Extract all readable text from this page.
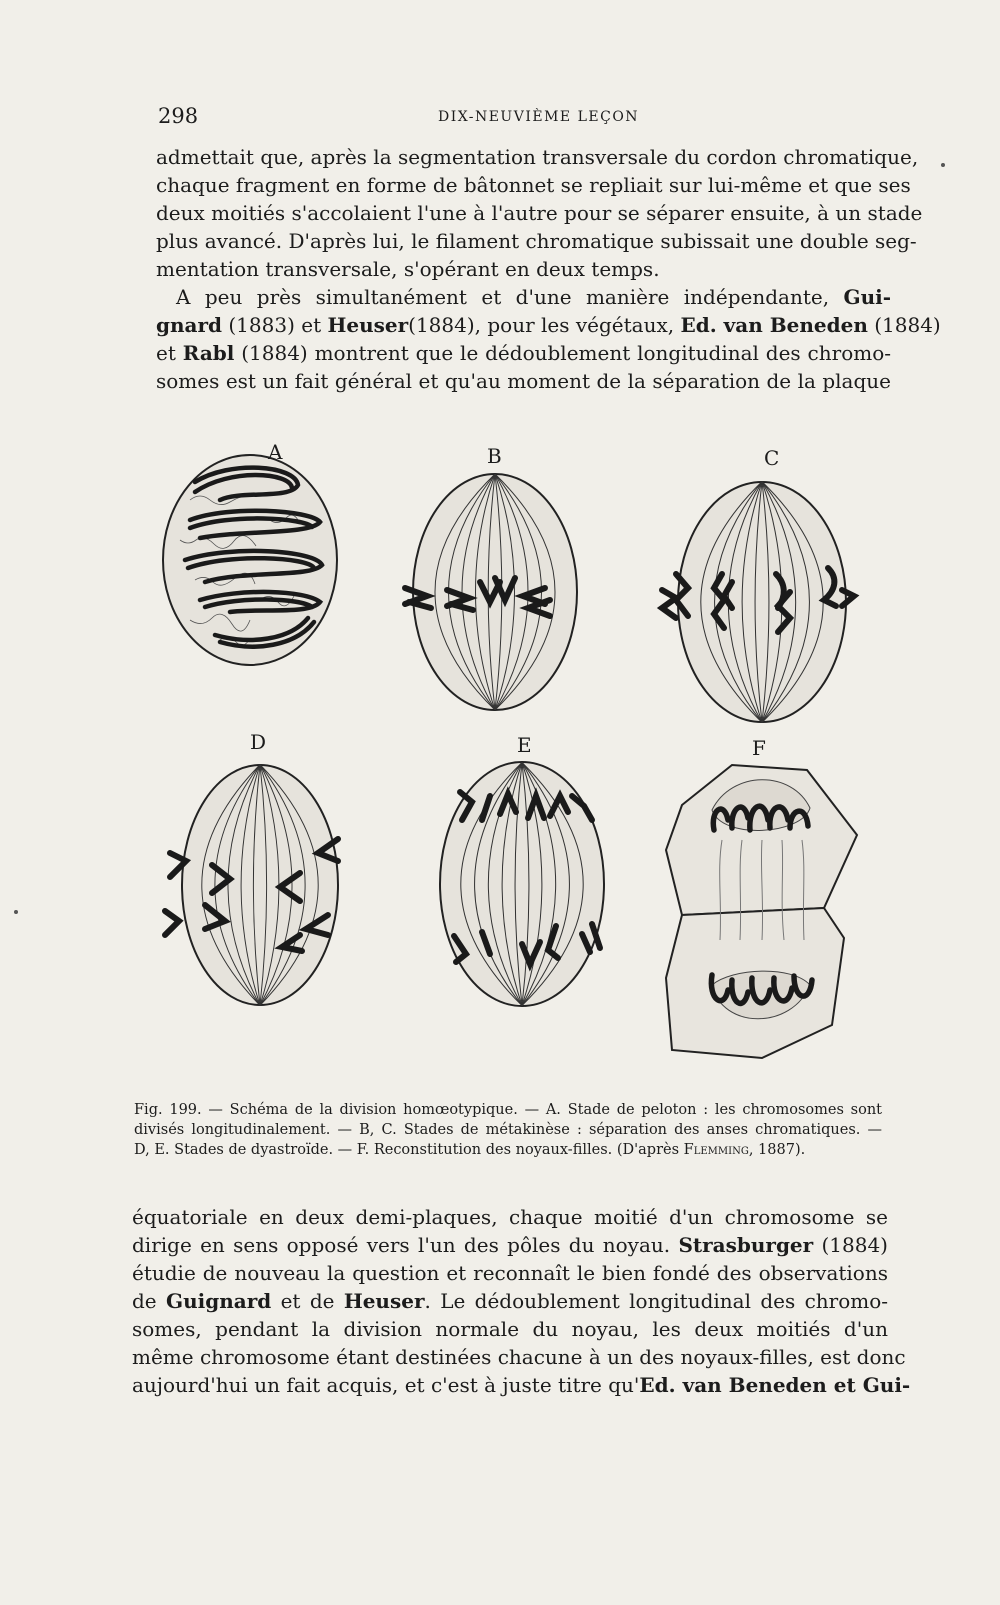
298	DIX-NEUVIÈME LEÇON

admettait que, après la segmentation transversale du cordon chromatique,

chaque fragment en forme de bâtonnet se repliait sur lui-même et que ses

deux moitiés s'accolaient l'une à l'autre pour se séparer ensuite, à un stade

plus avancé. D'après lui, le filament chromatique subissait une double seg-

mentation transversale, s'opérant en deux temps.

A peu près simultanément et d'une manière indépendante, Gui-

gnard (1883) et Heuser(1884), pour les végétaux, Ed. van Beneden (1884)

et Rabl (1884) montrent que le dédoublement longitudinal des chromo-

somes est un fait général et qu'au moment de la séparation de la plaque

A	B	C
D	E	F

Fig. 199. — Schéma de la division homœotypique. — A. Stade de peloton : les chromosomes sont

divisés longitudinalement. — B, C. Stades de métakinèse : séparation des anses chromatiques. —

D, E. Stades de dyastroïde. — F. Reconstitution des noyaux-filles. (D'après Flemming, 1887).

équatoriale en deux demi-plaques, chaque moitié d'un chromosome se

dirige en sens opposé vers l'un des pôles du noyau. Strasburger (1884)

étudie de nouveau la question et reconnaît le bien fondé des observations

de Guignard et de Heuser. Le dédoublement longitudinal des chromo-

somes, pendant la division normale du noyau, les deux moitiés d'un

même chromosome étant destinées chacune à un des noyaux-filles, est donc

aujourd'hui un fait acquis, et c'est à juste titre qu'Ed. van Beneden et Gui-
